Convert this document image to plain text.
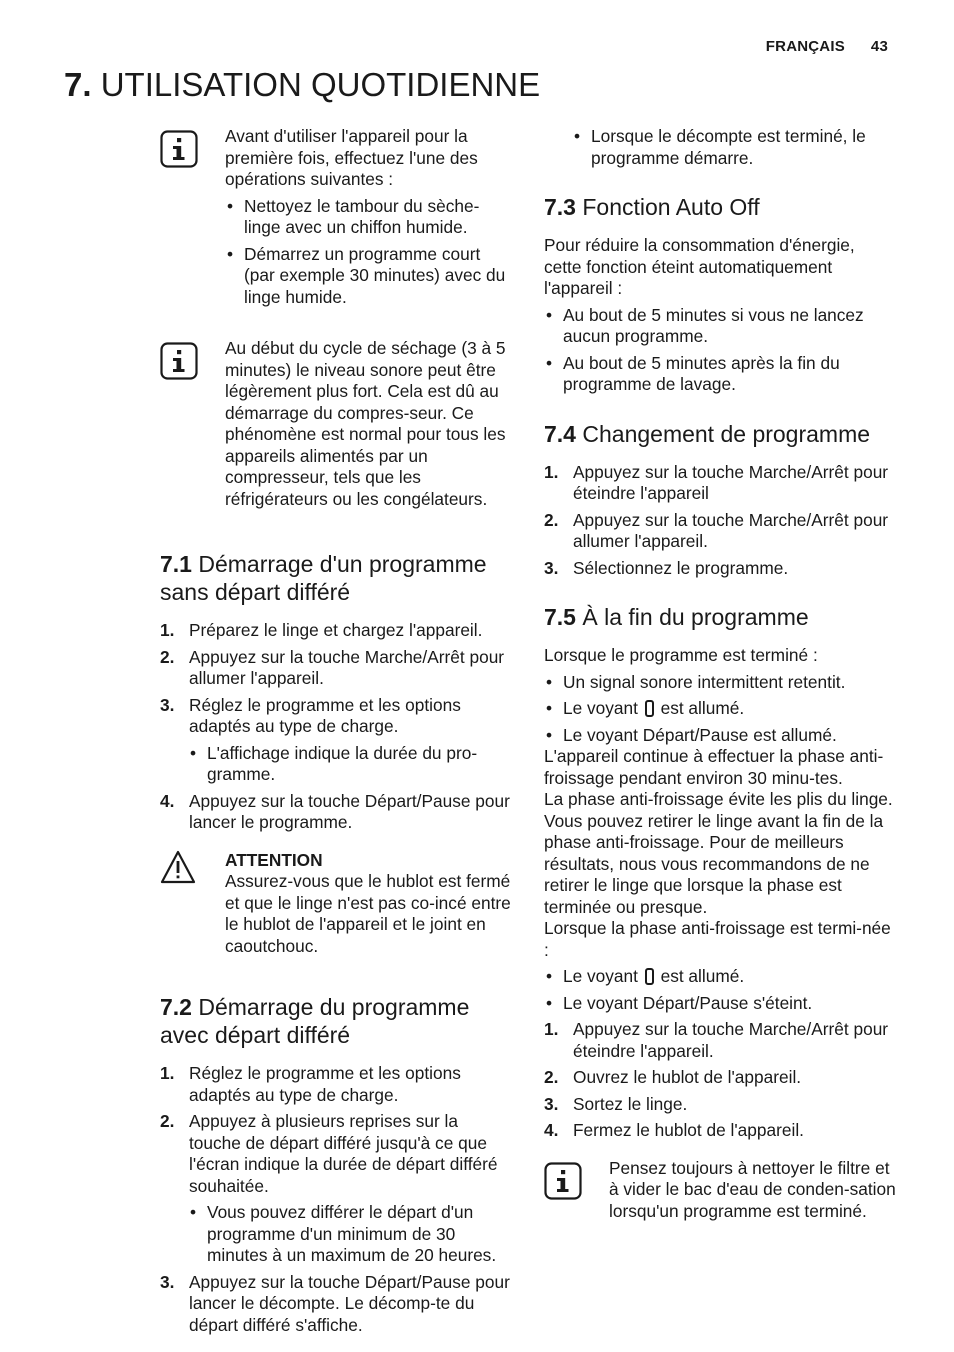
FRANÇAIS 43
7. UTILISATION QUOTIDIENNE

Avant d'utiliser l'appareil pour la première fois, effectuez l'une des opérations suivantes :

• Nettoyez le tambour du sèche-linge avec un chiffon humide.
• Démarrez un programme court (par exemple 30 minutes) avec du linge humide.

Au début du cycle de séchage (3 à 5 minutes) le niveau sonore peut être légèrement plus fort. Cela est dû au démarrage du compres-seur. Ce phénomène est normal pour tous les appareils alimentés par un compresseur, tels que les réfrigérateurs ou les congélateurs.

7.1 Démarrage d'un programme sans départ différé
1. Préparez le linge et chargez l'appareil.
2. Appuyez sur la touche Marche/Arrêt pour allumer l'appareil.
3. Réglez le programme et les options adaptés au type de charge.
• L'affichage indique la durée du pro-gramme.
4. Appuyez sur la touche Départ/Pause pour lancer le programme.

ATTENTION

Assurez-vous que le hublot est fermé et que le linge n'est pas co-incé entre le hublot de l'appareil et le joint en caoutchouc.

7.2 Démarrage du programme avec départ différé
1. Réglez le programme et les options adaptés au type de charge.
2. Appuyez à plusieurs reprises sur la touche de départ différé jusqu'à ce que l'écran indique la durée de départ différé souhaitée.
• Vous pouvez différer le départ d'un programme d'un minimum de 30 minutes à un maximum de 20 heures.
3. Appuyez sur la touche Départ/Pause pour lancer le décompte. Le décomp-te du départ différé s'affiche.
• Lorsque le décompte est terminé, le programme démarre.
7.3 Fonction Auto Off

Pour réduire la consommation d'énergie, cette fonction éteint automatiquement l'appareil :

• Au bout de 5 minutes si vous ne lancez aucun programme.
• Au bout de 5 minutes après la fin du programme de lavage.
7.4 Changement de programme
1. Appuyez sur la touche Marche/Arrêt pour éteindre l'appareil
2. Appuyez sur la touche Marche/Arrêt pour allumer l'appareil.
3. Sélectionnez le programme.
7.5 À la fin du programme

Lorsque le programme est terminé :

• Un signal sonore intermittent retentit.
• Le voyant est allumé.
• Le voyant Départ/Pause est allumé.

L'appareil continue à effectuer la phase anti-froissage pendant environ 30 minu-tes.

La phase anti-froissage évite les plis du linge.

Vous pouvez retirer le linge avant la fin de la phase anti-froissage. Pour de meilleurs résultats, nous vous recommandons de ne retirer le linge que lorsque la phase est terminée ou presque.

Lorsque la phase anti-froissage est termi-née :

• Le voyant est allumé.
• Le voyant Départ/Pause s'éteint.
1. Appuyez sur la touche Marche/Arrêt pour éteindre l'appareil.
2. Ouvrez le hublot de l'appareil.
3. Sortez le linge.
4. Fermez le hublot de l'appareil.

Pensez toujours à nettoyer le filtre et à vider le bac d'eau de conden-sation lorsqu'un programme est terminé.
